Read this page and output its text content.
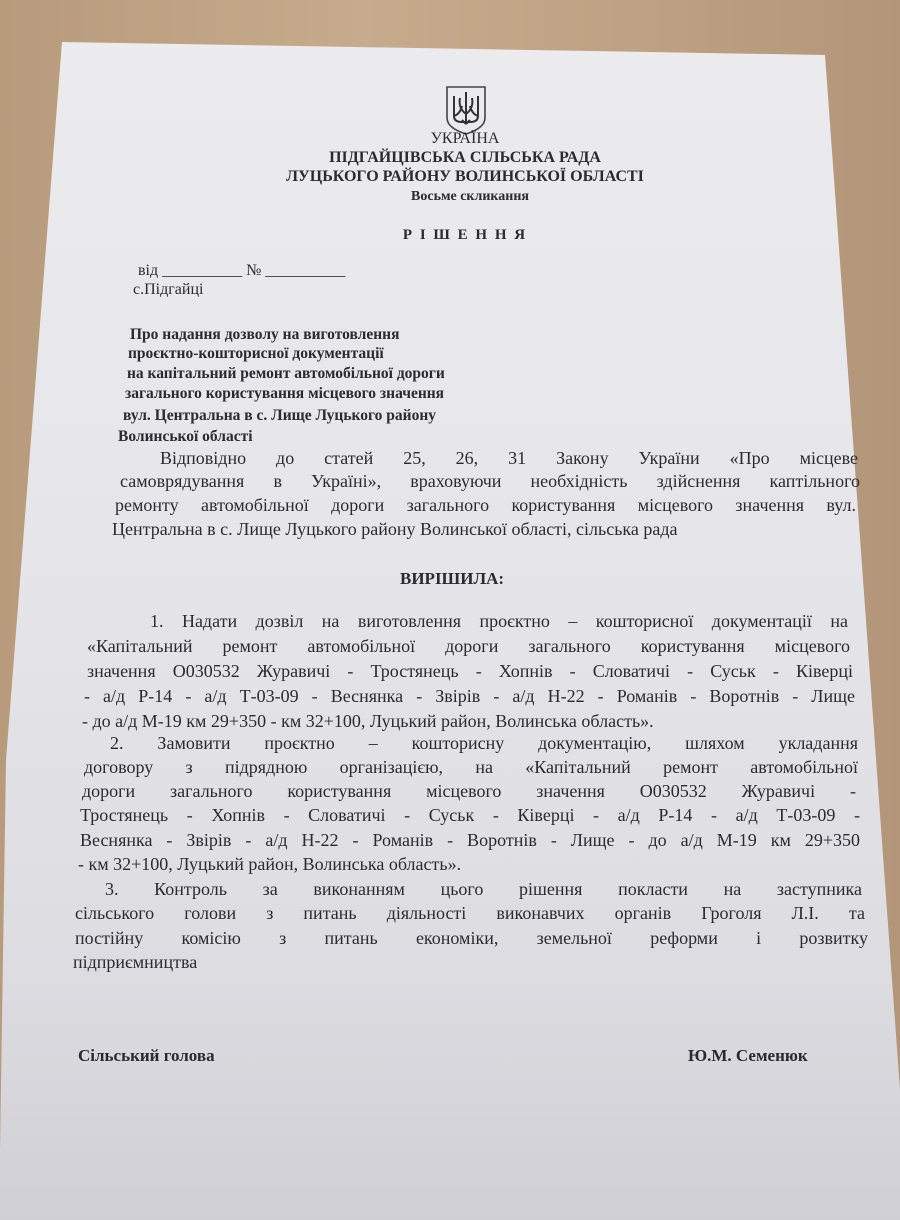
УКРАЇНА
ПІДГАЙЦІВСЬКА СІЛЬСЬКА РАДА
ЛУЦЬКОГО РАЙОНУ ВОЛИНСЬКОЇ ОБЛАСТІ
Восьме скликання
Р І Ш Е Н Н Я
від __________ № __________
с.Підгайці
Про надання дозволу на виготовлення
проєктно-кошторисної документації
на капітальний ремонт автомобільної дороги
загального користування місцевого значення
вул. Центральна в с. Лище Луцького району
Волинської області
Відповідно до статей 25, 26, 31 Закону України «Про місцеве
самоврядування в Україні», враховуючи необхідність здійснення каптільного
ремонту автомобільної дороги загального користування місцевого значення вул.
Центральна в с. Лище Луцького району Волинської області, сільська рада
ВИРІШИЛА:
1. Надати дозвіл на виготовлення проєктно – кошторисної документації на
«Капітальний ремонт автомобільної дороги загального користування місцевого
значення О030532 Журавичі - Тростянець - Хопнів - Словатичі - Суськ - Ківерці
- а/д Р-14 - а/д Т-03-09 - Веснянка - Звірів - а/д Н-22 - Романів - Воротнів - Лище
- до а/д М-19 км 29+350 - км 32+100, Луцький район, Волинська область».
2. Замовити проєктно – кошторисну документацію, шляхом укладання
договору з підрядною організацією, на «Капітальний ремонт автомобільної
дороги загального користування місцевого значення О030532 Журавичі -
Тростянець - Хопнів - Словатичі - Суськ - Ківерці - а/д Р-14 - а/д Т-03-09 -
Веснянка - Звірів - а/д Н-22 - Романів - Воротнів - Лище - до а/д М-19 км 29+350
- км 32+100, Луцький район, Волинська область».
3. Контроль за виконанням цього рішення покласти на заступника
сільського голови з питань діяльності виконавчих органів Гроголя Л.І. та
постійну комісію з питань економіки, земельної реформи і розвитку
підприємництва
Сільський голова	Ю.М. Семенюк
